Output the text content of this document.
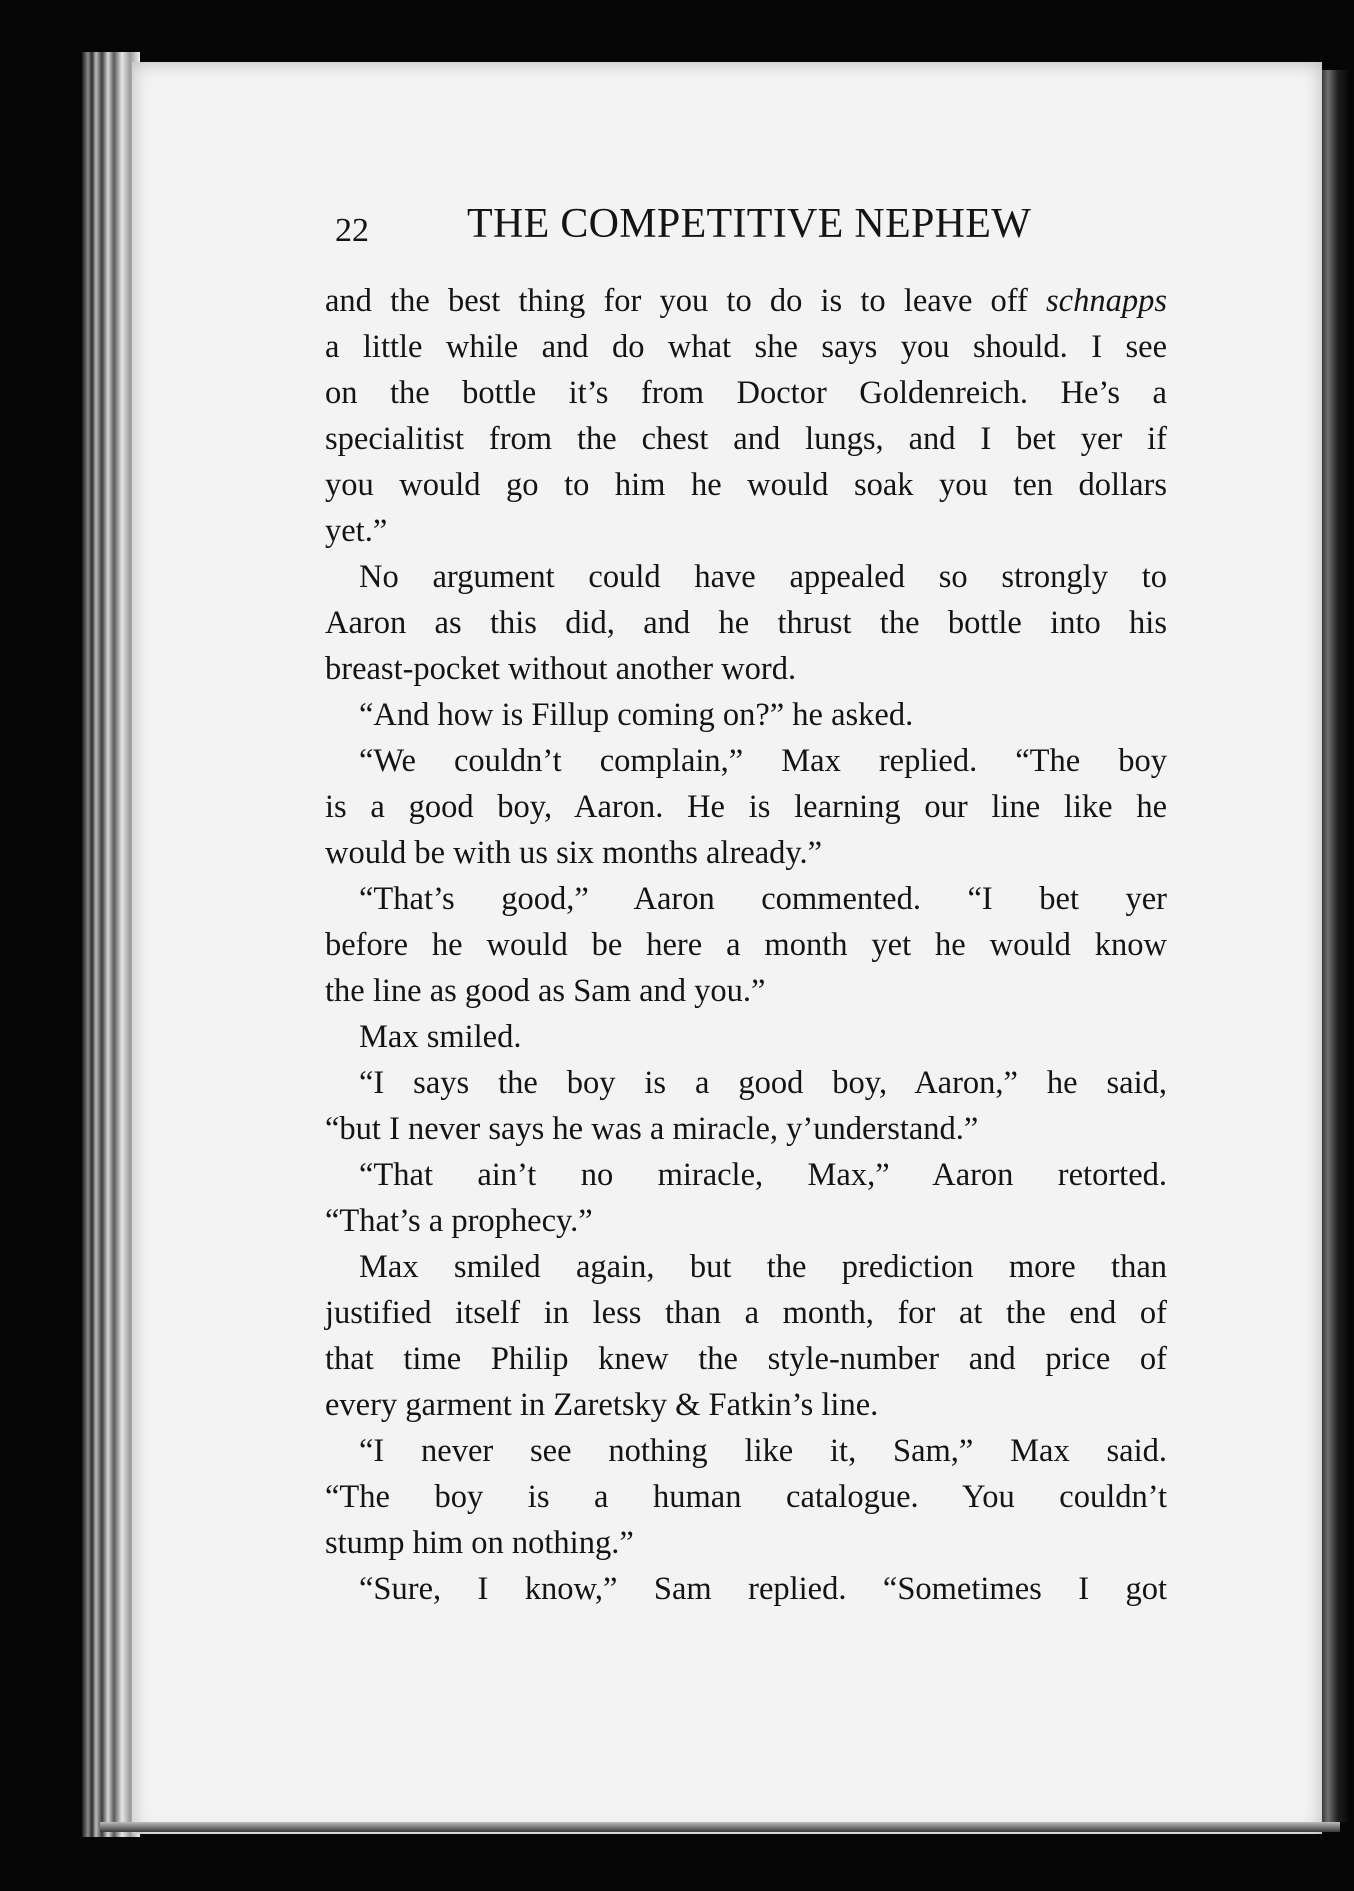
22 THE COMPETITIVE NEPHEW
and the best thing for you to do is to leave off schnapps
a little while and do what she says you should. I see
on the bottle it’s from Doctor Goldenreich. He’s a
specialitist from the chest and lungs, and I bet yer if
you would go to him he would soak you ten dollars
yet.”
No argument could have appealed so strongly to
Aaron as this did, and he thrust the bottle into his
breast-pocket without another word.
“And how is Fillup coming on?” he asked.
“We couldn’t complain,” Max replied. “The boy
is a good boy, Aaron. He is learning our line like he
would be with us six months already.”
“That’s good,” Aaron commented. “I bet yer
before he would be here a month yet he would know
the line as good as Sam and you.”
Max smiled.
“I says the boy is a good boy, Aaron,” he said,
“but I never says he was a miracle, y’understand.”
“That ain’t no miracle, Max,” Aaron retorted.
“That’s a prophecy.”
Max smiled again, but the prediction more than
justified itself in less than a month, for at the end of
that time Philip knew the style-number and price of
every garment in Zaretsky & Fatkin’s line.
“I never see nothing like it, Sam,” Max said.
“The boy is a human catalogue. You couldn’t
stump him on nothing.”
“Sure, I know,” Sam replied. “Sometimes I got
